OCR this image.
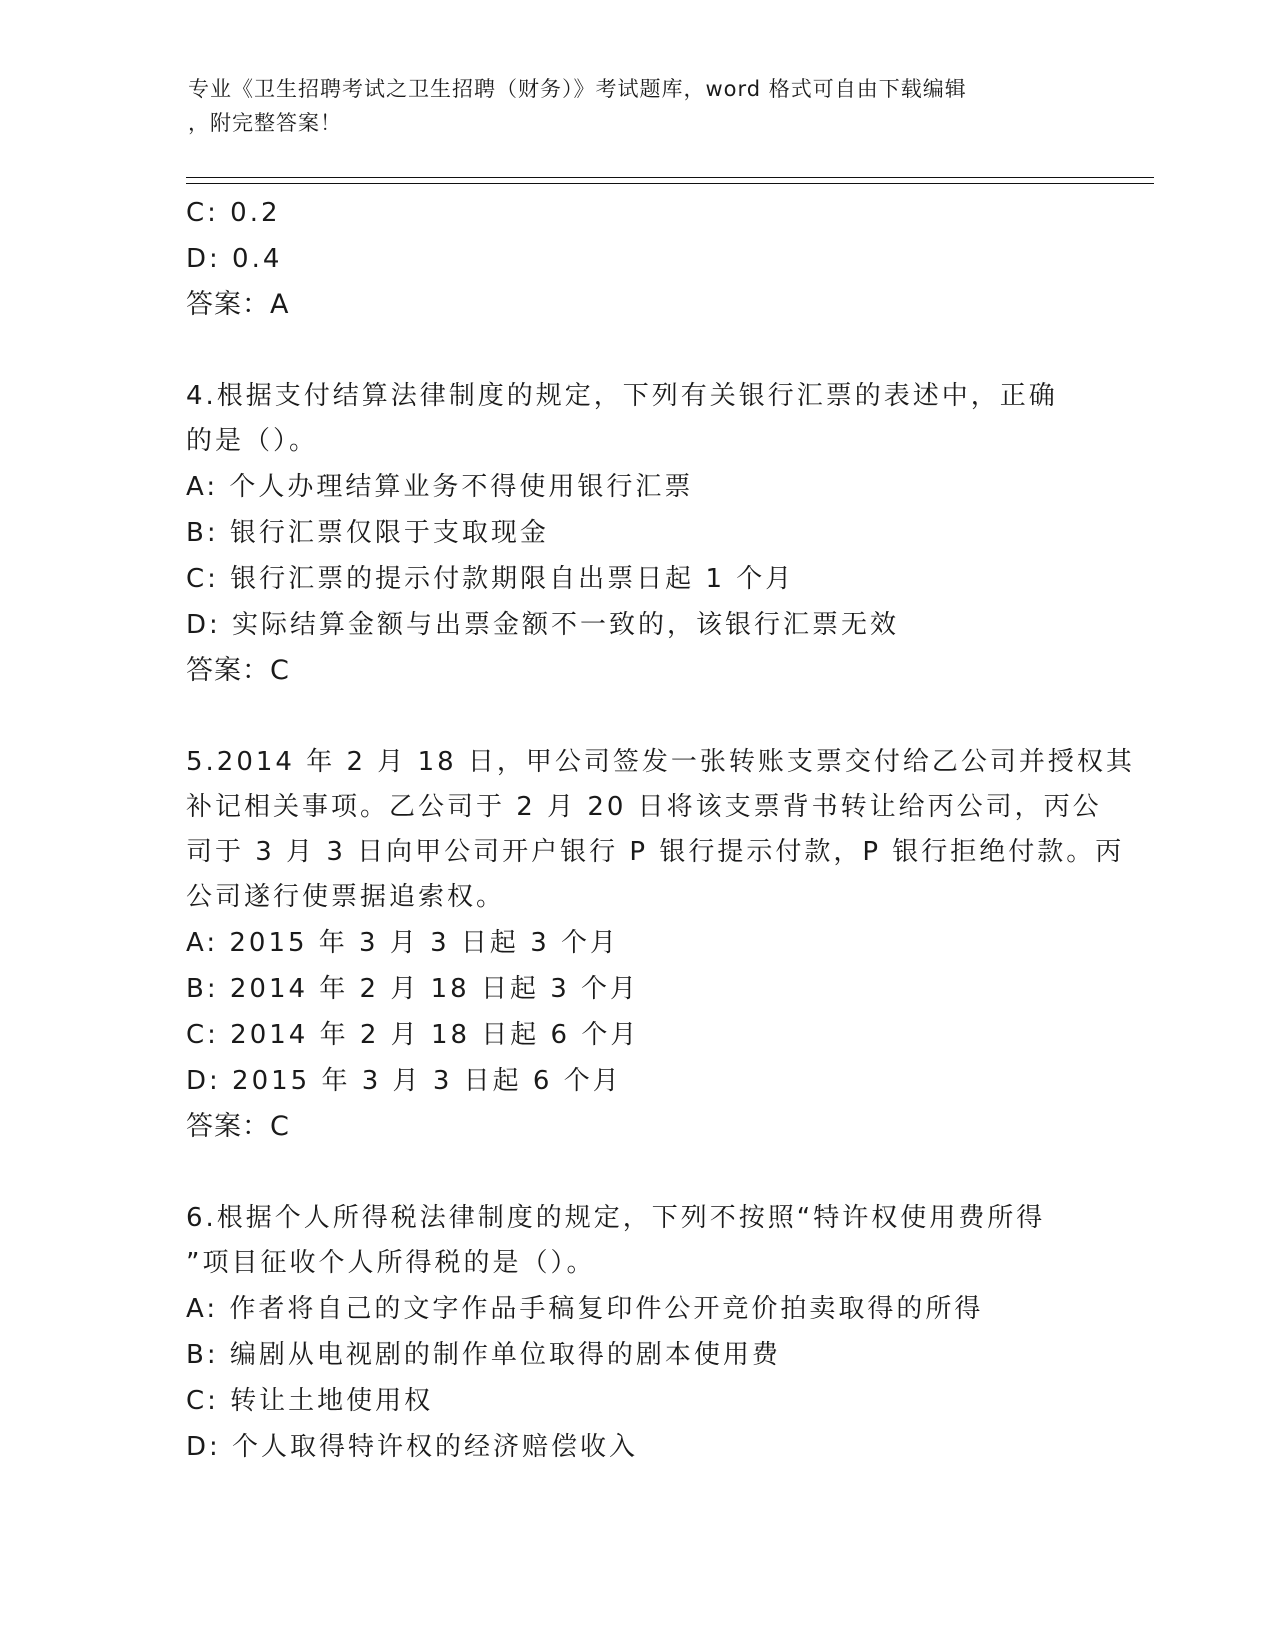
专业《卫生招聘考试之卫生招聘（财务）》考试题库，word 格式可自由下载编辑
，附完整答案！
C: 0.2
D: 0.4
答案：A
4.根据支付结算法律制度的规定，下列有关银行汇票的表述中，正确
的是（）。
A: 个人办理结算业务不得使用银行汇票
B: 银行汇票仅限于支取现金
C: 银行汇票的提示付款期限自出票日起 1 个月
D: 实际结算金额与出票金额不一致的，该银行汇票无效
答案：C
5.2014 年 2 月 18 日，甲公司签发一张转账支票交付给乙公司并授权其
补记相关事项。乙公司于 2 月 20 日将该支票背书转让给丙公司，丙公
司于 3 月 3 日向甲公司开户银行 P 银行提示付款，P 银行拒绝付款。丙
公司遂行使票据追索权。
A: 2015 年 3 月 3 日起 3 个月
B: 2014 年 2 月 18 日起 3 个月
C: 2014 年 2 月 18 日起 6 个月
D: 2015 年 3 月 3 日起 6 个月
答案：C
6.根据个人所得税法律制度的规定，下列不按照“特许权使用费所得
”项目征收个人所得税的是（）。
A: 作者将自己的文字作品手稿复印件公开竞价拍卖取得的所得
B: 编剧从电视剧的制作单位取得的剧本使用费
C: 转让土地使用权
D: 个人取得特许权的经济赔偿收入
